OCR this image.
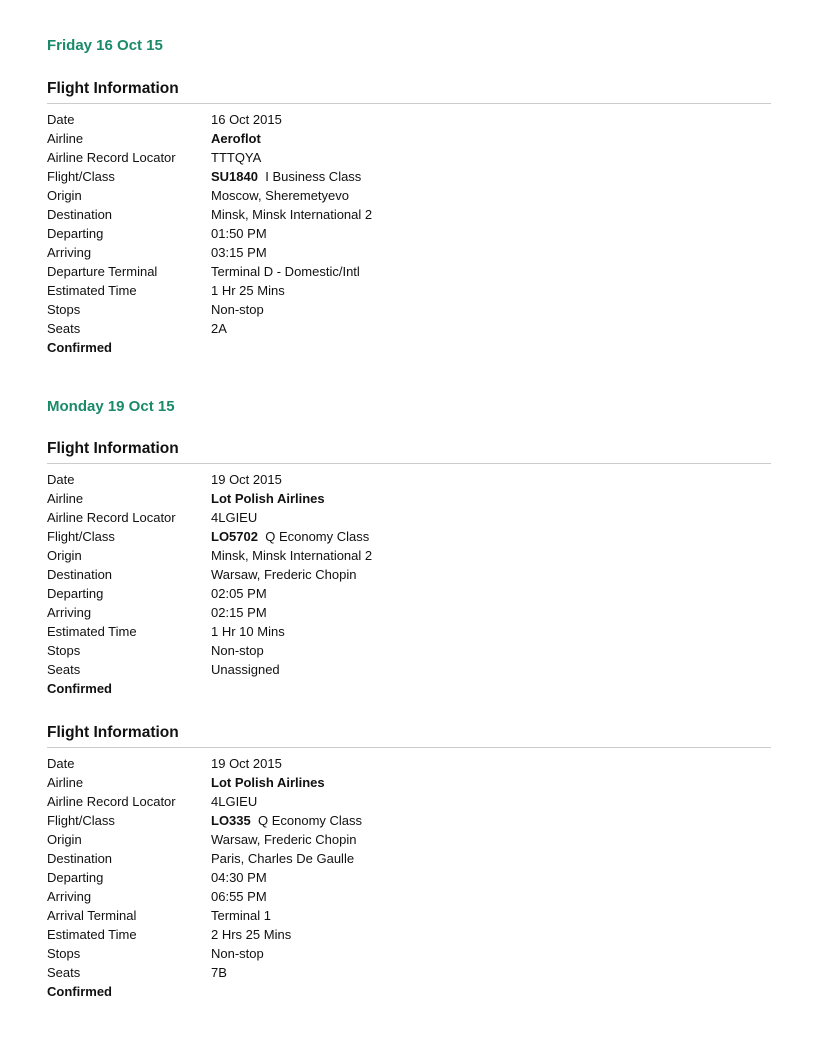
Friday 16 Oct 15
Flight Information
Date	16 Oct 2015
Airline	Aeroflot
Airline Record Locator	TTTQYA
Flight/Class	SU1840 I Business Class
Origin	Moscow, Sheremetyevo
Destination	Minsk, Minsk International 2
Departing	01:50 PM
Arriving	03:15 PM
Departure Terminal	Terminal D - Domestic/Intl
Estimated Time	1 Hr 25 Mins
Stops	Non-stop
Seats	2A
Confirmed
Monday 19 Oct 15
Flight Information
Date	19 Oct 2015
Airline	Lot Polish Airlines
Airline Record Locator	4LGIEU
Flight/Class	LO5702 Q Economy Class
Origin	Minsk, Minsk International 2
Destination	Warsaw, Frederic Chopin
Departing	02:05 PM
Arriving	02:15 PM
Estimated Time	1 Hr 10 Mins
Stops	Non-stop
Seats	Unassigned
Confirmed
Flight Information
Date	19 Oct 2015
Airline	Lot Polish Airlines
Airline Record Locator	4LGIEU
Flight/Class	LO335 Q Economy Class
Origin	Warsaw, Frederic Chopin
Destination	Paris, Charles De Gaulle
Departing	04:30 PM
Arriving	06:55 PM
Arrival Terminal	Terminal 1
Estimated Time	2 Hrs 25 Mins
Stops	Non-stop
Seats	7B
Confirmed
